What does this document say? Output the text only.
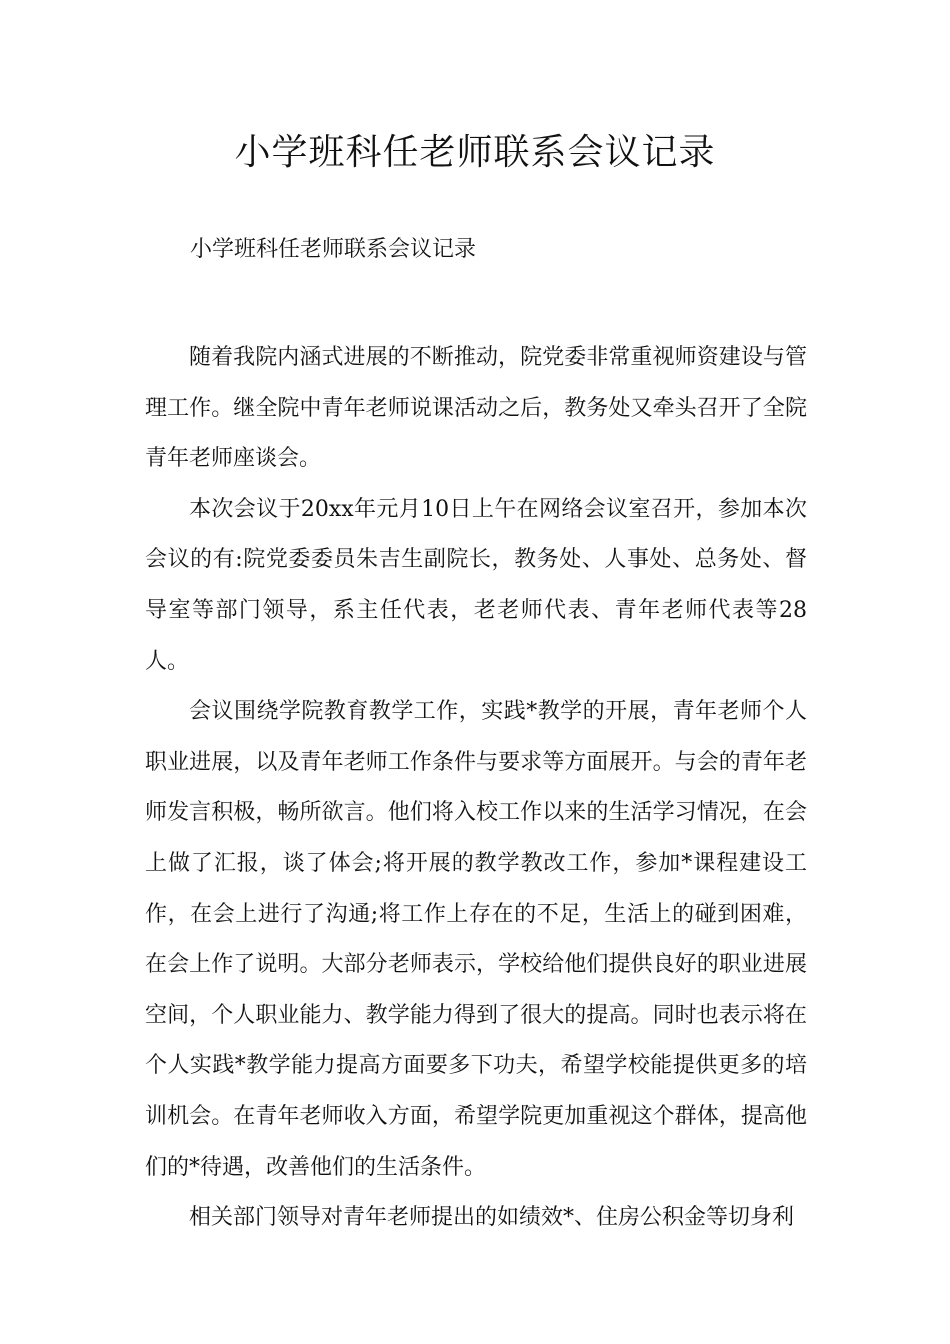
小学班科任老师联系会议记录

小学班科任老师联系会议记录

随着我院内涵式进展的不断推动，院党委非常重视师资建设与管理工作。继全院中青年老师说课活动之后，教务处又牵头召开了全院青年老师座谈会。

本次会议于20xx年元月10日上午在网络会议室召开，参加本次会议的有:院党委委员朱吉生副院长，教务处、人事处、总务处、督导室等部门领导，系主任代表，老老师代表、青年老师代表等28人。

会议围绕学院教育教学工作，实践*教学的开展，青年老师个人职业进展，以及青年老师工作条件与要求等方面展开。与会的青年老师发言积极，畅所欲言。他们将入校工作以来的生活学习情况，在会上做了汇报，谈了体会;将开展的教学教改工作，参加*课程建设工作，在会上进行了沟通;将工作上存在的不足，生活上的碰到困难，在会上作了说明。大部分老师表示，学校给他们提供良好的职业进展空间，个人职业能力、教学能力得到了很大的提高。同时也表示将在个人实践*教学能力提高方面要多下功夫，希望学校能提供更多的培训机会。在青年老师收入方面，希望学院更加重视这个群体，提高他们的*待遇，改善他们的生活条件。

相关部门领导对青年老师提出的如绩效*、住房公积金等切身利
